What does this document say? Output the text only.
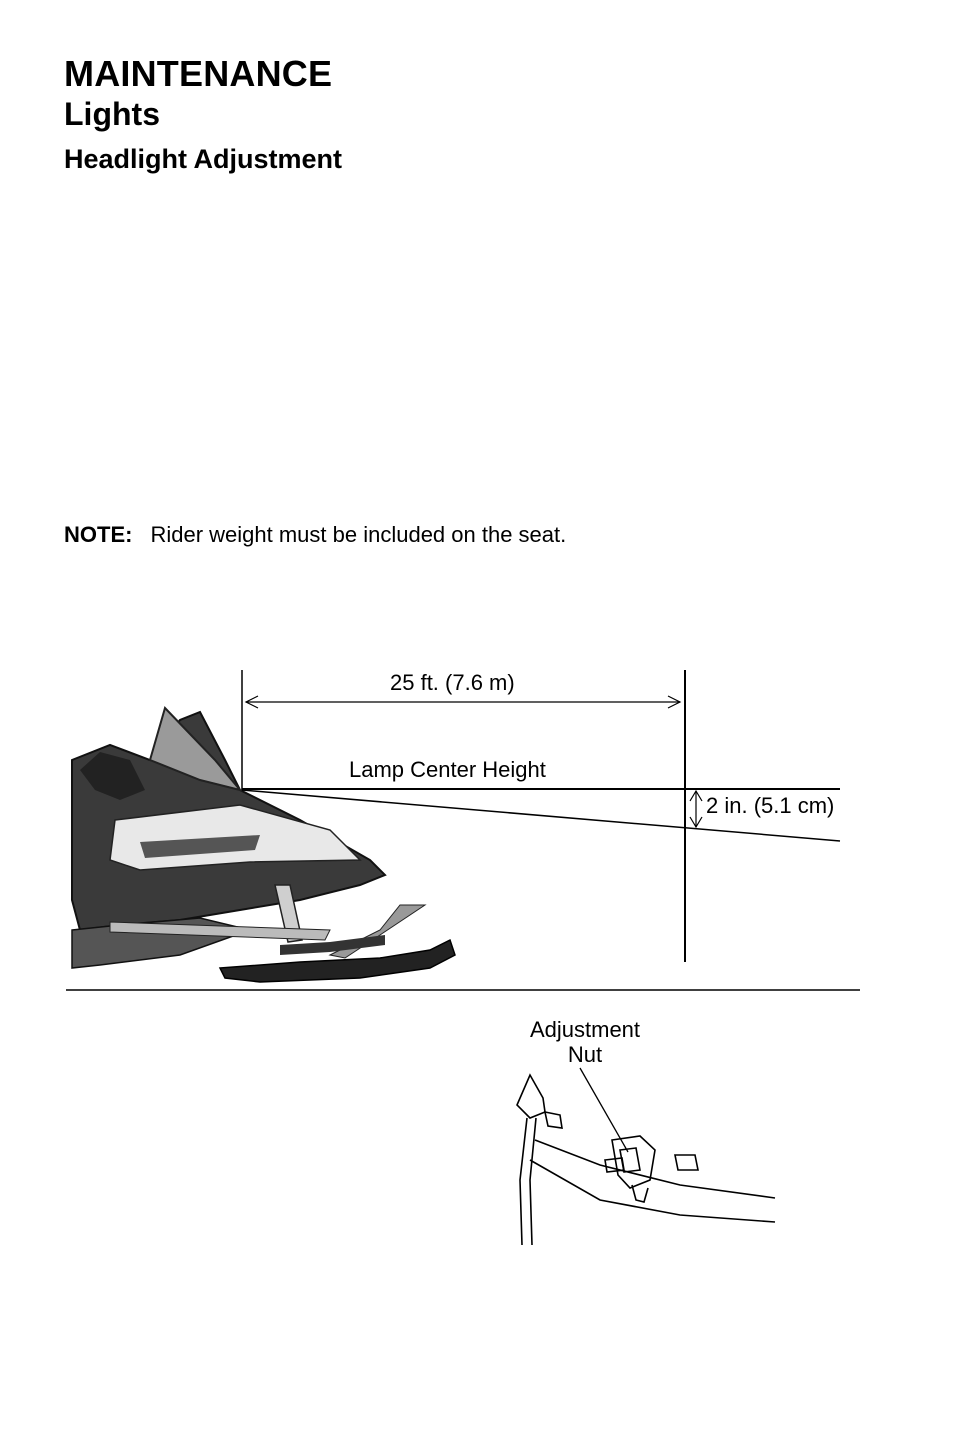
MAINTENANCE
Lights
Headlight Adjustment
NOTE: Rider weight must be included on the seat.
25 ft. (7.6 m)
Lamp Center Height
2 in. (5.1 cm)
Adjustment
Nut
